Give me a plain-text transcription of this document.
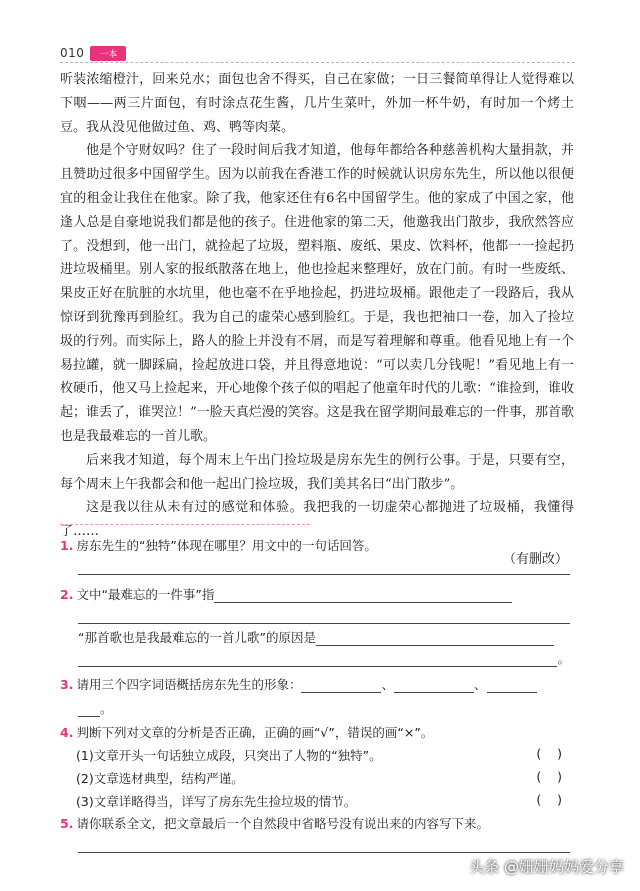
010	一本

听装浓缩橙汁，回来兑水；面包也舍不得买，自己在家做；一日三餐简单得让人觉得难以下咽——两三片面包，有时涂点花生酱，几片生菜叶，外加一杯牛奶，有时加一个烤土豆。我从没见他做过鱼、鸡、鸭等肉菜。

他是个守财奴吗？住了一段时间后我才知道，他每年都给各种慈善机构大量捐款，并且赞助过很多中国留学生。因为以前我在香港工作的时候就认识房东先生，所以他以很便宜的租金让我住在他家。除了我，他家还住有6名中国留学生。他的家成了中国之家，他逢人总是自豪地说我们都是他的孩子。住进他家的第二天，他邀我出门散步，我欣然答应了。没想到，他一出门，就捡起了垃圾，塑料瓶、废纸、果皮、饮料杯，他都一一捡起扔进垃圾桶里。别人家的报纸散落在地上，他也捡起来整理好，放在门前。有时一些废纸、果皮正好在肮脏的水坑里，他也毫不在乎地捡起，扔进垃圾桶。跟他走了一段路后，我从惊讶到犹豫再到脸红。我为自己的虚荣心感到脸红。于是，我也把袖口一卷，加入了捡垃圾的行列。而实际上，路人的脸上并没有不屑，而是写着理解和尊重。他看见地上有一个易拉罐，就一脚踩扁，捡起放进口袋，并且得意地说：“可以卖几分钱呢！”看见地上有一枚硬币，他又马上捡起来，开心地像个孩子似的唱起了他童年时代的儿歌：“谁捡到，谁收起；谁丢了，谁哭泣！”一脸天真烂漫的笑容。这是我在留学期间最难忘的一件事，那首歌也是我最难忘的一首儿歌。

后来我才知道，每个周末上午出门捡垃圾是房东先生的例行公事。于是，只要有空，每个周末上午我都会和他一起出门捡垃圾，我们美其名曰“出门散步”。

这是我以往从未有过的感觉和体验。我把我的一切虚荣心都抛进了垃圾桶，我懂得了……

（有删改）
1. 房东先生的“独特”体现在哪里？用文中的一句话回答。
2. 文中“最难忘的一件事”指
“那首歌也是我最难忘的一首儿歌”的原因是
。
3. 请用三个四字词语概括房东先生的形象：	、	、
。
4. 判断下列对文章的分析是否正确，正确的画“√”，错误的画“×”。
(1)文章开头一句话独立成段，只突出了人物的“独特”。	(    )
(2)文章选材典型，结构严谨。	(    )
(3)文章详略得当，详写了房东先生捡垃圾的情节。	(    )
5. 请你联系全文，把文章最后一个自然段中省略号没有说出来的内容写下来。
头条 @姗姗妈妈爱分享
